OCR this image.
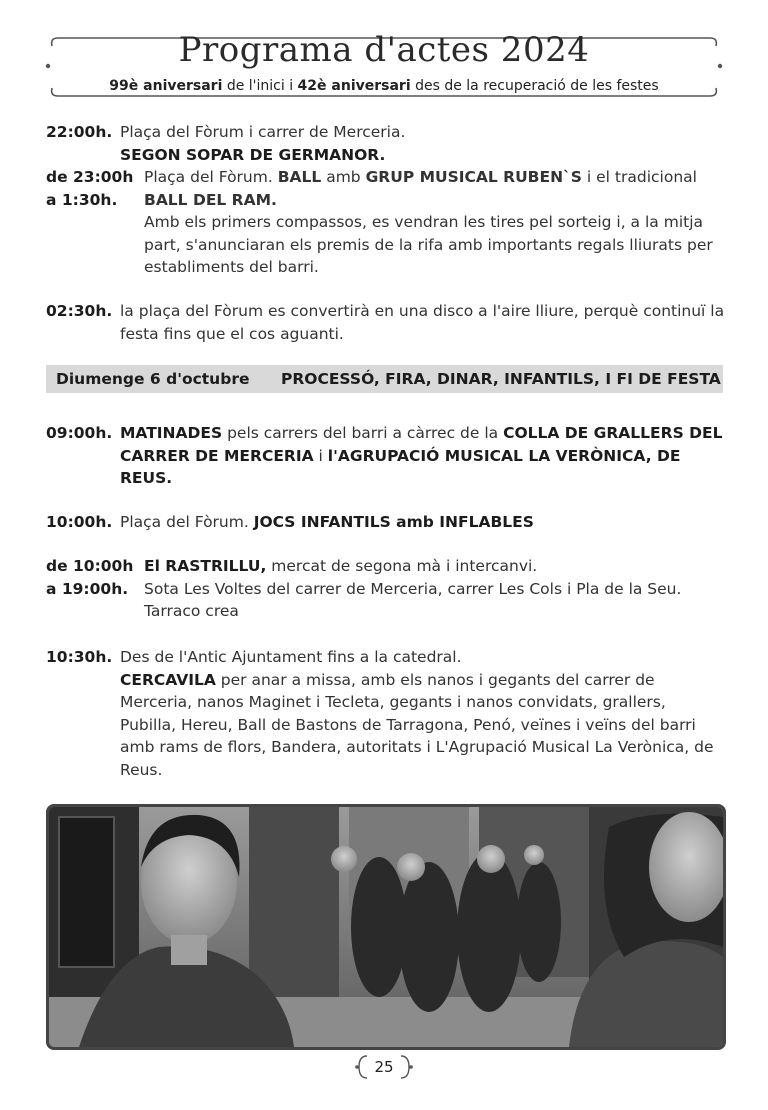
Programa d'actes 2024
99è aniversari de l'inici i 42è aniversari des de la recuperació de les festes
22:00h. Plaça del Fòrum i carrer de Merceria.
SEGON SOPAR DE GERMANOR.
de 23:00h
a 1:30h.
Plaça del Fòrum. BALL amb GRUP MUSICAL RUBEN`S i el tradicional BALL DEL RAM.
Amb els primers compassos, es vendran les tires pel sorteig i, a la mitja part, s'anunciaran els premis de la rifa amb importants regals lliurats per establiments del barri.
02:30h. la plaça del Fòrum es convertirà en una disco a l'aire lliure, perquè continuï la festa fins que el cos aguanti.
Diumenge 6 d'octubre PROCESSÓ, FIRA, DINAR, INFANTILS, I FI DE FESTA
09:00h. MATINADES pels carrers del barri a càrrec de la COLLA DE GRALLERS DEL CARRER DE MERCERIA i l'AGRUPACIÓ MUSICAL LA VERÒNICA, DE REUS.
10:00h. Plaça del Fòrum. JOCS INFANTILS amb INFLABLES
de 10:00h
a 19:00h.
El RASTRILLU, mercat de segona mà i intercanvi.
Sota Les Voltes del carrer de Merceria, carrer Les Cols i Pla de la Seu. Tarraco crea
10:30h. Des de l'Antic Ajuntament fins a la catedral.
CERCAVILA per anar a missa, amb els nanos i gegants del carrer de Merceria, nanos Maginet i Tecleta, gegants i nanos convidats, grallers, Pubilla, Hereu, Ball de Bastons de Tarragona, Penó, veïnes i veïns del barri amb rams de flors, Bandera, autoritats i L'Agrupació Musical La Verònica, de Reus.
25
